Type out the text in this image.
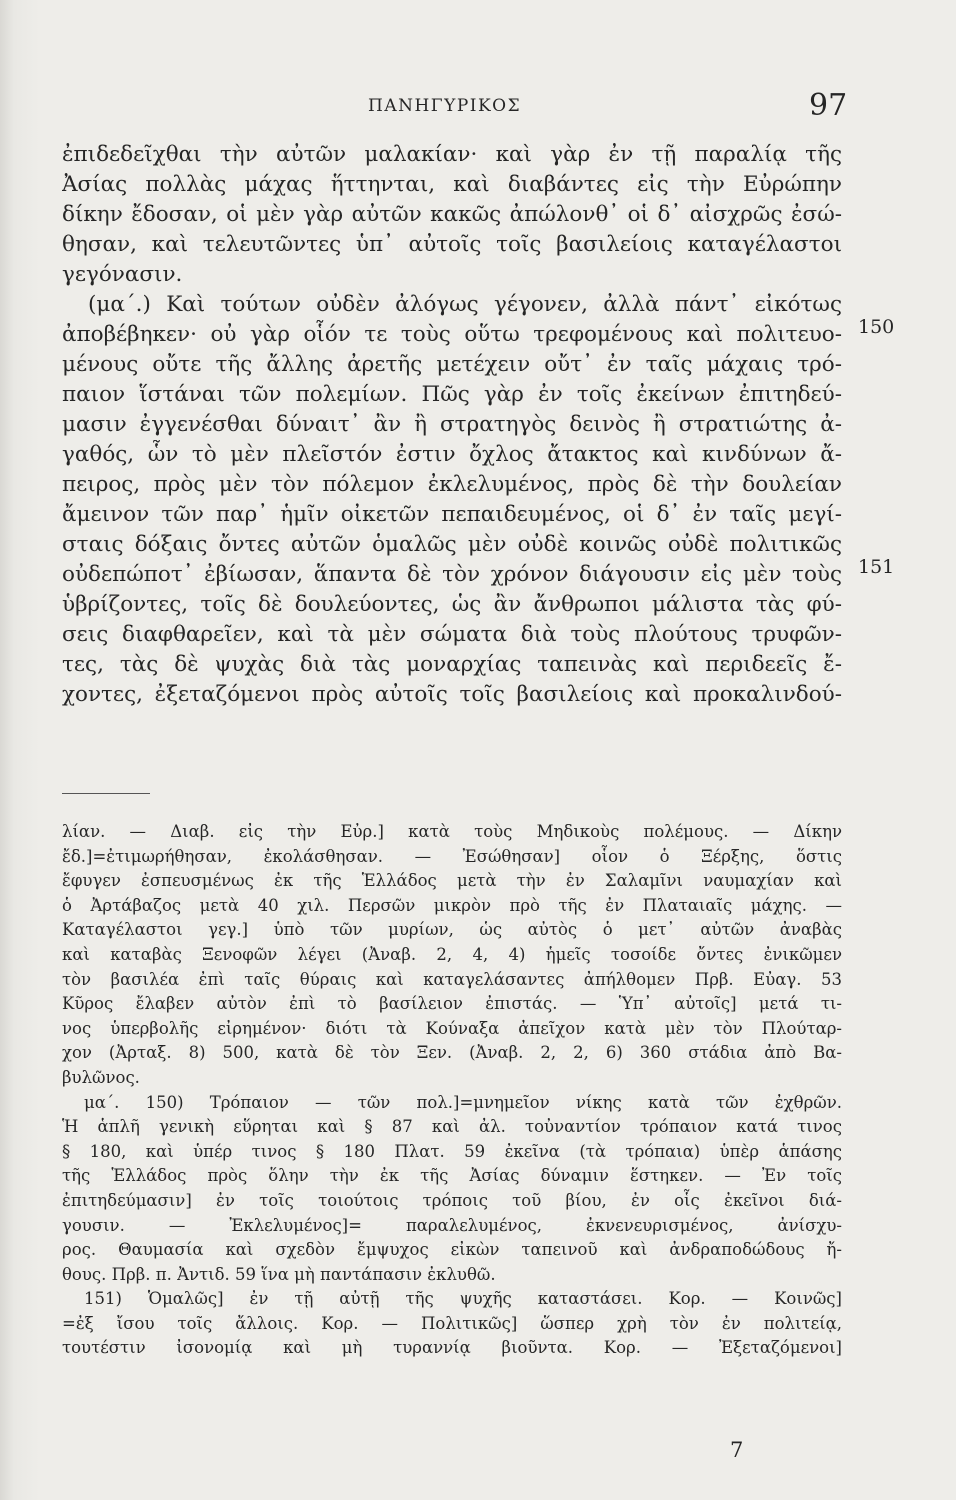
ΠΑΝΗΓΥΡΙΚΟΣ	97
ἐπιδεδεῖχθαι τὴν αὐτῶν μαλακίαν· καὶ γὰρ ἐν τῇ παραλίᾳ τῆς
Ἀσίας πολλὰς μάχας ἥττηνται, καὶ διαβάντες εἰς τὴν Εὐρώπην
δίκην ἔδοσαν, οἱ μὲν γὰρ αὐτῶν κακῶς ἀπώλονθ᾽ οἱ δ᾽ αἰσχρῶς ἐσώ-
θησαν, καὶ τελευτῶντες ὑπ᾽ αὐτοῖς τοῖς βασιλείοις καταγέλαστοι
γεγόνασιν.
(μα΄.) Καὶ τούτων οὐδὲν ἀλόγως γέγονεν, ἀλλὰ πάντ᾽ εἰκότως
ἀποβέβηκεν· οὐ γὰρ οἷόν τε τοὺς οὕτω τρεφομένους καὶ πολιτευο-
μένους οὔτε τῆς ἄλλης ἀρετῆς μετέχειν οὔτ᾽ ἐν ταῖς μάχαις τρό-
παιον ἵστάναι τῶν πολεμίων. Πῶς γὰρ ἐν τοῖς ἐκείνων ἐπιτηδεύ-
μασιν ἐγγενέσθαι δύναιτ᾽ ἂν ἢ στρατηγὸς δεινὸς ἢ στρατιώτης ἀ-
γαθός, ὧν τὸ μὲν πλεῖστόν ἐστιν ὄχλος ἄτακτος καὶ κινδύνων ἄ-
πειρος, πρὸς μὲν τὸν πόλεμον ἐκλελυμένος, πρὸς δὲ τὴν δουλείαν
ἄμεινον τῶν παρ᾽ ἡμῖν οἰκετῶν πεπαιδευμένος, οἱ δ᾽ ἐν ταῖς μεγί-
σταις δόξαις ὄντες αὐτῶν ὁμαλῶς μὲν οὐδὲ κοινῶς οὐδὲ πολιτικῶς
οὐδεπώποτ᾽ ἐβίωσαν, ἅπαντα δὲ τὸν χρόνον διάγουσιν εἰς μὲν τοὺς
ὑβρίζοντες, τοῖς δὲ δουλεύοντες, ὡς ἂν ἄνθρωποι μάλιστα τὰς φύ-
σεις διαφθαρεῖεν, καὶ τὰ μὲν σώματα διὰ τοὺς πλούτους τρυφῶν-
τες, τὰς δὲ ψυχὰς διὰ τὰς μοναρχίας ταπεινὰς καὶ περιδεεῖς ἔ-
χοντες, ἐξεταζόμενοι πρὸς αὐτοῖς τοῖς βασιλείοις καὶ προκαλινδού-
150
151
λίαν. — Διαβ. εἰς τὴν Εὐρ.] κατὰ τοὺς Μηδικοὺς πολέμους. — Δίκην
ἔδ.]=ἐτιμωρήθησαν, ἐκολάσθησαν. — Ἐσώθησαν] οἷον ὁ Ξέρξης, ὅστις
ἔφυγεν ἐσπευσμένως ἐκ τῆς Ἑλλάδος μετὰ τὴν ἐν Σαλαμῖνι ναυμαχίαν καὶ
ὁ Ἀρτάβαζος μετὰ 40 χιλ. Περσῶν μικρὸν πρὸ τῆς ἐν Πλαταιαῖς μάχης. —
Καταγέλαστοι γεγ.] ὑπὸ τῶν μυρίων, ὡς αὐτὸς ὁ μετ᾽ αὐτῶν ἀναβὰς
καὶ καταβὰς Ξενοφῶν λέγει (Ἀναβ. 2, 4, 4) ἡμεῖς τοσοίδε ὄντες ἐνικῶμεν
τὸν βασιλέα ἐπὶ ταῖς θύραις καὶ καταγελάσαντες ἀπήλθομεν Πρβ. Εὐαγ. 53
Κῦρος ἔλαβεν αὐτὸν ἐπὶ τὸ βασίλειον ἐπιστάς. — Ὑπ᾽ αὐτοῖς] μετά τι-
νος ὑπερβολῆς εἰρημένον· διότι τὰ Κούναξα ἀπεῖχον κατὰ μὲν τὸν Πλούταρ-
χον (Ἀρταξ. 8) 500, κατὰ δὲ τὸν Ξεν. (Ἀναβ. 2, 2, 6) 360 στάδια ἀπὸ Βα-
βυλῶνος.
μα΄. 150) Τρόπαιον — τῶν πολ.]=μνημεῖον νίκης κατὰ τῶν ἐχθρῶν.
Ἡ ἁπλῆ γενικὴ εὕρηται καὶ § 87 καὶ ἀλ. τοὐναντίον τρόπαιον κατά τινος
§ 180, καὶ ὑπέρ τινος § 180 Πλατ. 59 ἐκεῖνα (τὰ τρόπαια) ὑπὲρ ἁπάσης
τῆς Ἑλλάδος πρὸς ὅλην τὴν ἐκ τῆς Ἀσίας δύναμιν ἕστηκεν. — Ἐν τοῖς
ἐπιτηδεύμασιν] ἐν τοῖς τοιούτοις τρόποις τοῦ βίου, ἐν οἷς ἐκεῖνοι διά-
γουσιν. — Ἐκλελυμένος]= παραλελυμένος, ἐκνενευρισμένος, ἀνίσχυ-
ρος. Θαυμασία καὶ σχεδὸν ἔμψυχος εἰκὼν ταπεινοῦ καὶ ἀνδραποδώδους ἤ-
θους. Πρβ. π. Ἀντιδ. 59 ἵνα μὴ παντάπασιν ἐκλυθῶ.
151) Ὁμαλῶς] ἐν τῇ αὐτῇ τῆς ψυχῆς καταστάσει. Κορ. — Κοινῶς]
=ἐξ ἴσου τοῖς ἄλλοις. Κορ. — Πολιτικῶς] ὥσπερ χρὴ τὸν ἐν πολιτείᾳ,
τουτέστιν ἰσονομίᾳ καὶ μὴ τυραννίᾳ βιοῦντα. Κορ. — Ἐξεταζόμενοι]
7
